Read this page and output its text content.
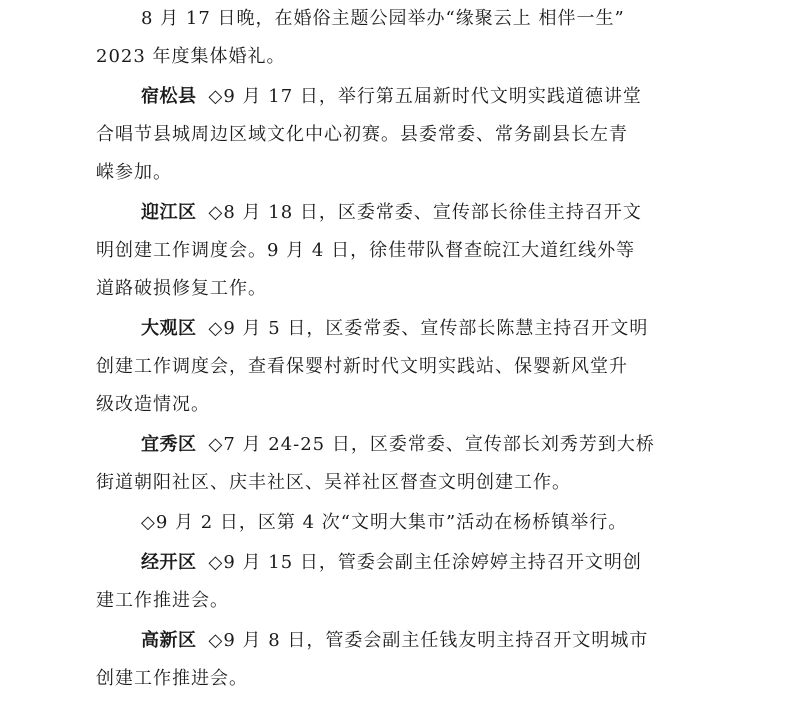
8 月 17 日晚，在婚俗主题公园举办“缘聚云上 相伴一生”

2023 年度集体婚礼。

宿松县 ◇9 月 17 日，举行第五届新时代文明实践道德讲堂

合唱节县城周边区域文化中心初赛。县委常委、常务副县长左青

嵘参加。

迎江区 ◇8 月 18 日，区委常委、宣传部长徐佳主持召开文

明创建工作调度会。9 月 4 日，徐佳带队督查皖江大道红线外等

道路破损修复工作。

大观区 ◇9 月 5 日，区委常委、宣传部长陈慧主持召开文明

创建工作调度会，查看保婴村新时代文明实践站、保婴新风堂升

级改造情况。

宜秀区 ◇7 月 24-25 日，区委常委、宣传部长刘秀芳到大桥

街道朝阳社区、庆丰社区、吴祥社区督查文明创建工作。

◇9 月 2 日，区第 4 次“文明大集市”活动在杨桥镇举行。

经开区 ◇9 月 15 日，管委会副主任涂婷婷主持召开文明创

建工作推进会。

高新区 ◇9 月 8 日，管委会副主任钱友明主持召开文明城市

创建工作推进会。
